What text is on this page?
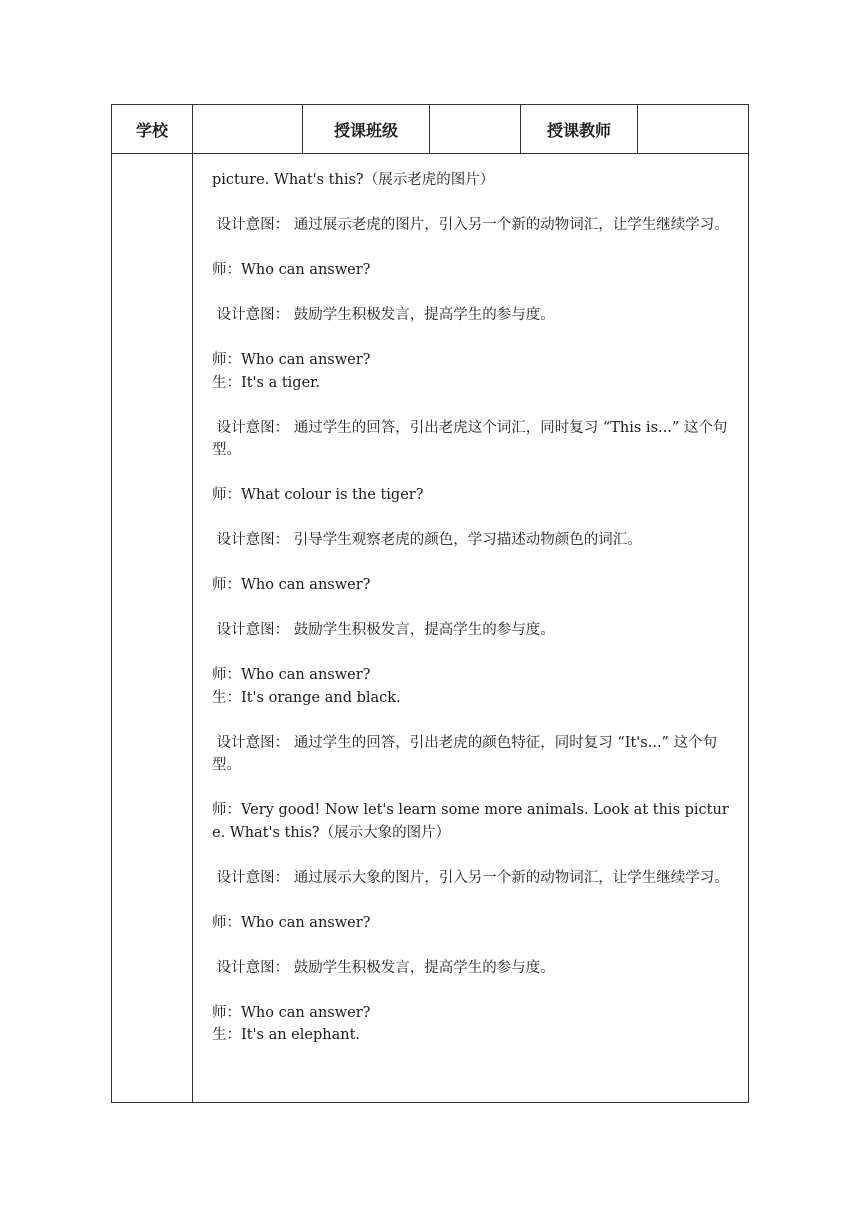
学校	授课班级	授课教师

picture. What's this?（展示老虎的图片）

设计意图： 通过展示老虎的图片，引入另一个新的动物词汇，让学生继续学习。

师：Who can answer?

设计意图： 鼓励学生积极发言，提高学生的参与度。

师：Who can answer?

生：It's a tiger.

设计意图： 通过学生的回答，引出老虎这个词汇，同时复习 “This is...” 这个句型。

师：What colour is the tiger?

设计意图： 引导学生观察老虎的颜色，学习描述动物颜色的词汇。

师：Who can answer?

设计意图： 鼓励学生积极发言，提高学生的参与度。

师：Who can answer?

生：It's orange and black.

设计意图： 通过学生的回答，引出老虎的颜色特征，同时复习 “It's...” 这个句型。

师：Very good! Now let's learn some more animals. Look at this picture. What's this?（展示大象的图片）

设计意图： 通过展示大象的图片，引入另一个新的动物词汇，让学生继续学习。

师：Who can answer?

设计意图： 鼓励学生积极发言，提高学生的参与度。

师：Who can answer?

生：It's an elephant.
